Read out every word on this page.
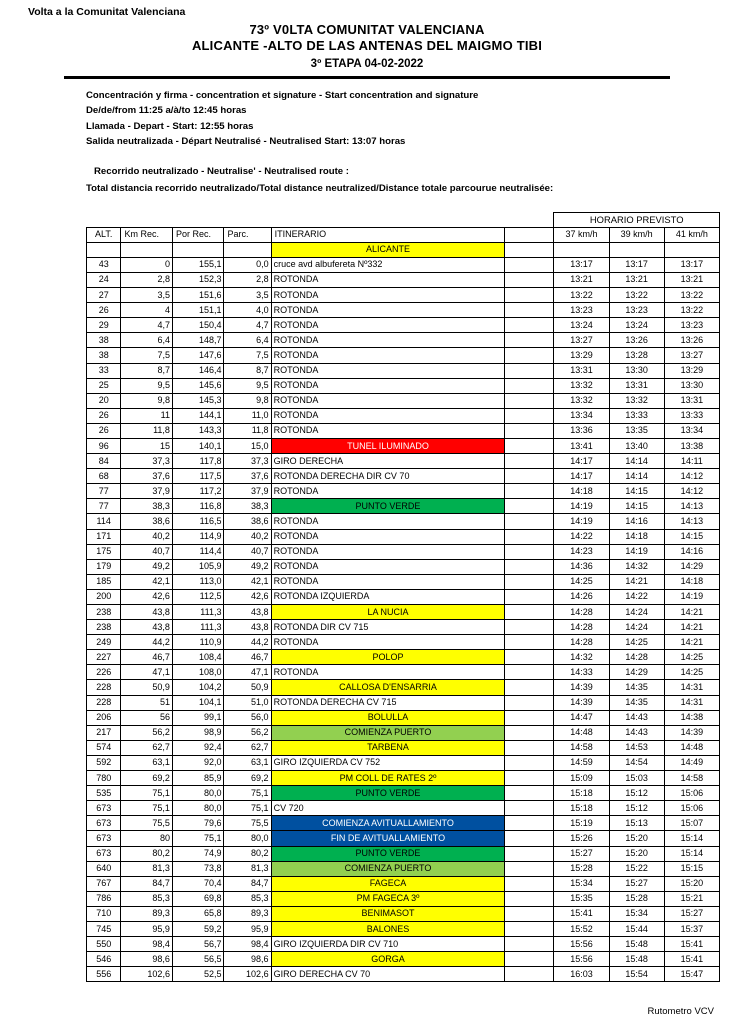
Volta a la Comunitat Valenciana
73º V0LTA COMUNITAT VALENCIANA
ALICANTE -ALTO DE LAS ANTENAS DEL MAIGMO TIBI
3º ETAPA 04-02-2022
Concentración y firma - concentration et signature - Start concentration and signature
De/de/from 11:25 a/à/to 12:45 horas
Llamada - Depart - Start: 12:55 horas
Salida neutralizada - Départ Neutralisé - Neutralised Start: 13:07 horas
Recorrido neutralizado - Neutralise' - Neutralised route :
Total distancia recorrido neutralizado/Total distance neutralized/Distance totale parcourue neutralisée:
						HORARIO PREVISTO		
ALT.	Km Rec.	Por Rec.	Parc.	ITINERARIO		37 km/h	39 km/h	41 km/h
				ALICANTE				
43	0	155,1	0,0	cruce avd albufereta Nº332		13:17	13:17	13:17
24	2,8	152,3	2,8	ROTONDA		13:21	13:21	13:21
27	3,5	151,6	3,5	ROTONDA		13:22	13:22	13:22
26	4	151,1	4,0	ROTONDA		13:23	13:23	13:22
29	4,7	150,4	4,7	ROTONDA		13:24	13:24	13:23
38	6,4	148,7	6,4	ROTONDA		13:27	13:26	13:26
38	7,5	147,6	7,5	ROTONDA		13:29	13:28	13:27
33	8,7	146,4	8,7	ROTONDA		13:31	13:30	13:29
25	9,5	145,6	9,5	ROTONDA		13:32	13:31	13:30
20	9,8	145,3	9,8	ROTONDA		13:32	13:32	13:31
26	11	144,1	11,0	ROTONDA		13:34	13:33	13:33
26	11,8	143,3	11,8	ROTONDA		13:36	13:35	13:34
96	15	140,1	15,0	TUNEL ILUMINADO		13:41	13:40	13:38
84	37,3	117,8	37,3	GIRO DERECHA		14:17	14:14	14:11
68	37,6	117,5	37,6	ROTONDA DERECHA DIR CV 70		14:17	14:14	14:12
77	37,9	117,2	37,9	ROTONDA		14:18	14:15	14:12
77	38,3	116,8	38,3	PUNTO VERDE		14:19	14:15	14:13
114	38,6	116,5	38,6	ROTONDA		14:19	14:16	14:13
171	40,2	114,9	40,2	ROTONDA		14:22	14:18	14:15
175	40,7	114,4	40,7	ROTONDA		14:23	14:19	14:16
179	49,2	105,9	49,2	ROTONDA		14:36	14:32	14:29
185	42,1	113,0	42,1	ROTONDA		14:25	14:21	14:18
200	42,6	112,5	42,6	ROTONDA IZQUIERDA		14:26	14:22	14:19
238	43,8	111,3	43,8	LA NUCIA		14:28	14:24	14:21
238	43,8	111,3	43,8	ROTONDA DIR CV 715		14:28	14:24	14:21
249	44,2	110,9	44,2	ROTONDA		14:28	14:25	14:21
227	46,7	108,4	46,7	POLOP		14:32	14:28	14:25
226	47,1	108,0	47,1	ROTONDA		14:33	14:29	14:25
228	50,9	104,2	50,9	CALLOSA D'ENSARRIA		14:39	14:35	14:31
228	51	104,1	51,0	ROTONDA DERECHA CV 715		14:39	14:35	14:31
206	56	99,1	56,0	BOLULLA		14:47	14:43	14:38
217	56,2	98,9	56,2	COMIENZA PUERTO		14:48	14:43	14:39
574	62,7	92,4	62,7	TARBENA		14:58	14:53	14:48
592	63,1	92,0	63,1	GIRO IZQUIERDA CV 752		14:59	14:54	14:49
780	69,2	85,9	69,2	PM COLL DE RATES 2º		15:09	15:03	14:58
535	75,1	80,0	75,1	PUNTO VERDE		15:18	15:12	15:06
673	75,1	80,0	75,1	CV 720		15:18	15:12	15:06
673	75,5	79,6	75,5	COMIENZA AVITUALLAMIENTO		15:19	15:13	15:07
673	80	75,1	80,0	FIN DE AVITUALLAMIENTO		15:26	15:20	15:14
673	80,2	74,9	80,2	PUNTO VERDE		15:27	15:20	15:14
640	81,3	73,8	81,3	COMIENZA PUERTO		15:28	15:22	15:15
767	84,7	70,4	84,7	FAGECA		15:34	15:27	15:20
786	85,3	69,8	85,3	PM FAGECA 3º		15:35	15:28	15:21
710	89,3	65,8	89,3	BENIMASOT		15:41	15:34	15:27
745	95,9	59,2	95,9	BALONES		15:52	15:44	15:37
550	98,4	56,7	98,4	GIRO IZQUIERDA DIR CV 710		15:56	15:48	15:41
546	98,6	56,5	98,6	GORGA		15:56	15:48	15:41
556	102,6	52,5	102,6	GIRO DERECHA CV 70		16:03	15:54	15:47
Rutometro VCV
